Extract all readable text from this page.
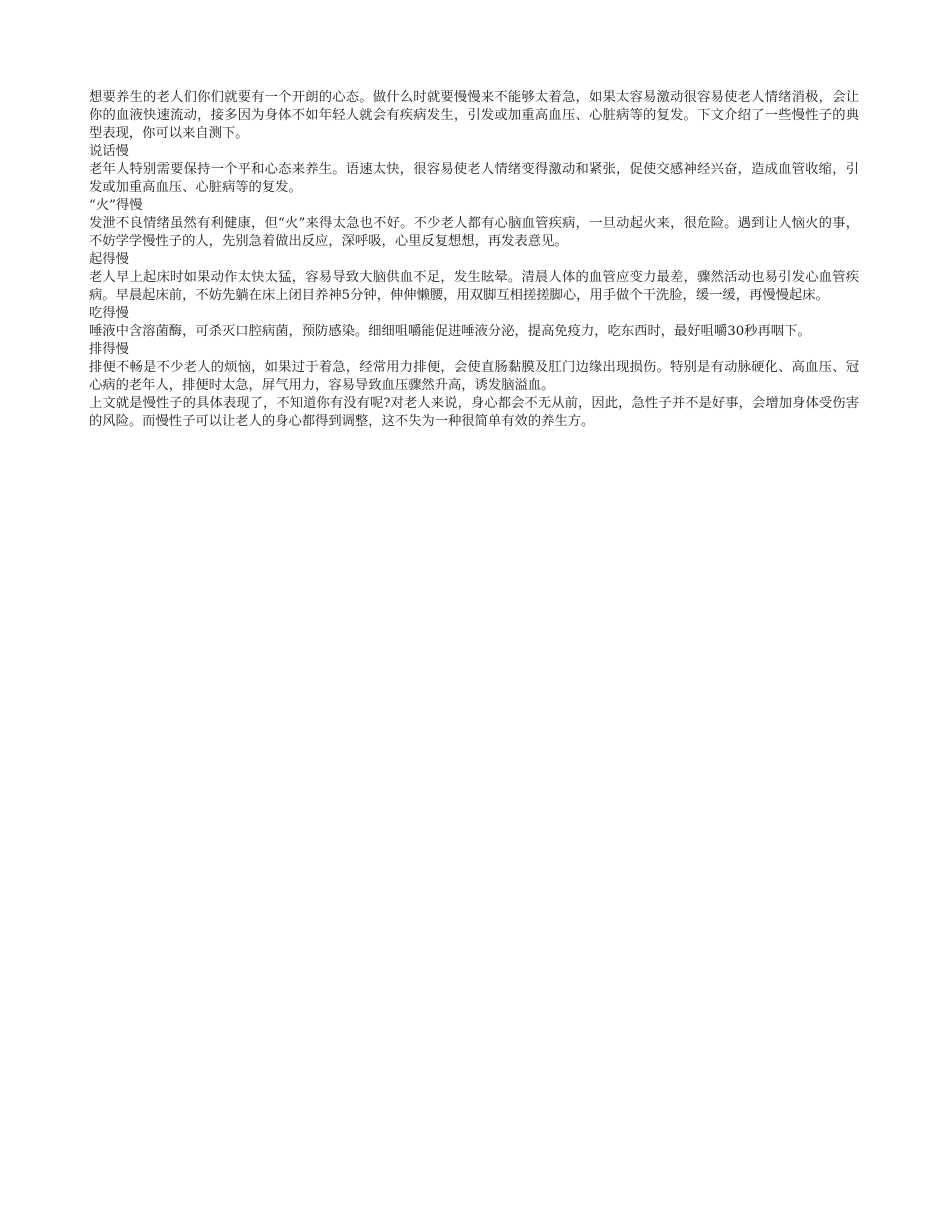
想要养生的老人们你们就要有一个开朗的心态。做什么时就要慢慢来不能够太着急，如果太容易激动很容易使老人情绪消极，会让你的血液快速流动，接多因为身体不如年轻人就会有疾病发生，引发或加重高血压、心脏病等的复发。下文介绍了一些慢性子的典型表现，你可以来自测下。

说话慢

老年人特别需要保持一个平和心态来养生。语速太快，很容易使老人情绪变得激动和紧张，促使交感神经兴奋，造成血管收缩，引发或加重高血压、心脏病等的复发。

“火”得慢

发泄不良情绪虽然有利健康，但“火”来得太急也不好。不少老人都有心脑血管疾病，一旦动起火来，很危险。遇到让人恼火的事，不妨学学慢性子的人，先别急着做出反应，深呼吸，心里反复想想，再发表意见。

起得慢

老人早上起床时如果动作太快太猛，容易导致大脑供血不足，发生眩晕。清晨人体的血管应变力最差，骤然活动也易引发心血管疾病。早晨起床前，不妨先躺在床上闭目养神5分钟，伸伸懒腰，用双脚互相搓搓脚心，用手做个干洗脸，缓一缓，再慢慢起床。

吃得慢

唾液中含溶菌酶，可杀灭口腔病菌，预防感染。细细咀嚼能促进唾液分泌，提高免疫力，吃东西时，最好咀嚼30秒再咽下。

排得慢

排便不畅是不少老人的烦恼，如果过于着急，经常用力排便，会使直肠黏膜及肛门边缘出现损伤。特别是有动脉硬化、高血压、冠心病的老年人，排便时太急，屏气用力，容易导致血压骤然升高，诱发脑溢血。

上文就是慢性子的具体表现了，不知道你有没有呢?对老人来说，身心都会不无从前，因此，急性子并不是好事，会增加身体受伤害的风险。而慢性子可以让老人的身心都得到调整，这不失为一种很简单有效的养生方。
